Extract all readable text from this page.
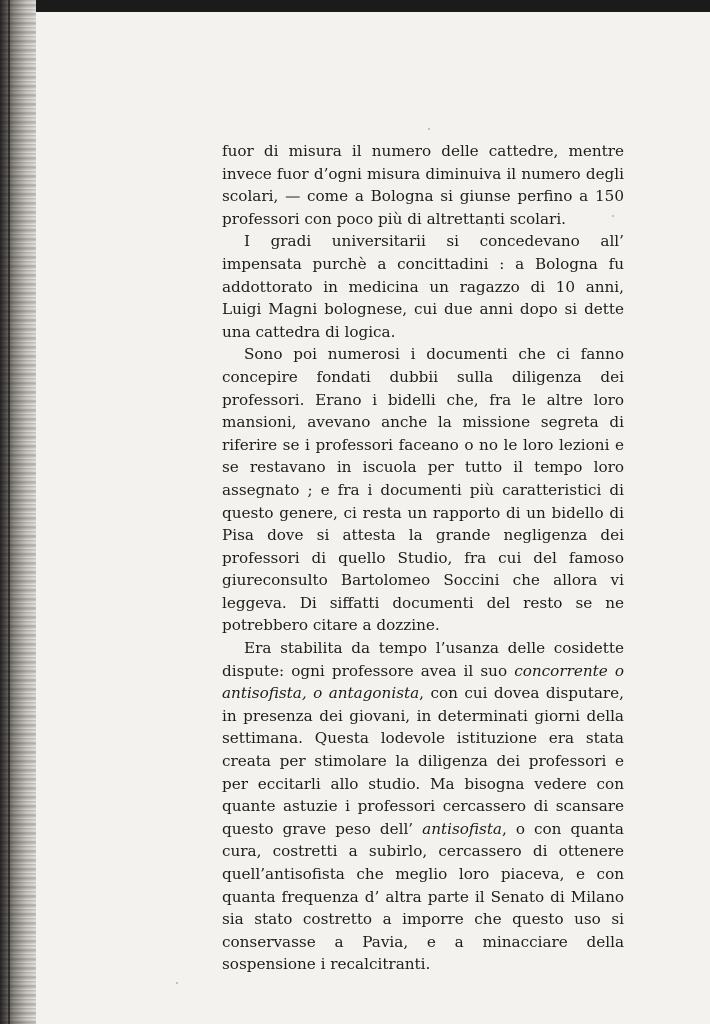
fuor di misura il numero delle cattedre, mentre invece fuor d’ogni misura diminuiva il numero degli scolari, — come a Bologna si giunse perfino a 150 professori con poco più di altrettanti scolari.

I gradi universitarii si concedevano all’ impensata purchè a concittadini : a Bologna fu addottorato in medicina un ragazzo di 10 anni, Luigi Magni bolognese, cui due anni dopo si dette una cattedra di logica.

Sono poi numerosi i documenti che ci fanno concepire fondati dubbii sulla diligenza dei professori. Erano i bidelli che, fra le altre loro mansioni, avevano anche la missione segreta di riferire se i professori faceano o no le loro lezioni e se restavano in iscuola per tutto il tempo loro assegnato ; e fra i documenti più caratteristici di questo genere, ci resta un rapporto di un bidello di Pisa dove si attesta la grande negligenza dei professori di quello Studio, fra cui del famoso giureconsulto Bartolomeo Soccini che allora vi leggeva. Di siffatti documenti del resto se ne potrebbero citare a dozzine.

Era stabilita da tempo l’usanza delle cosidette dispute: ogni professore avea il suo concorrente o antisofista, o antagonista, con cui dovea disputare, in presenza dei giovani, in determinati giorni della settimana. Questa lodevole istituzione era stata creata per stimolare la diligenza dei professori e per eccitarli allo studio. Ma bisogna vedere con quante astuzie i professori cercassero di scansare questo grave peso dell’ antisofista, o con quanta cura, costretti a subirlo, cercassero di ottenere quell’antisofista che meglio loro piaceva, e con quanta frequenza d’ altra parte il Senato di Milano sia stato costretto a imporre che questo uso si conservasse a Pavia, e a minacciare della sospensione i recalcitranti.
